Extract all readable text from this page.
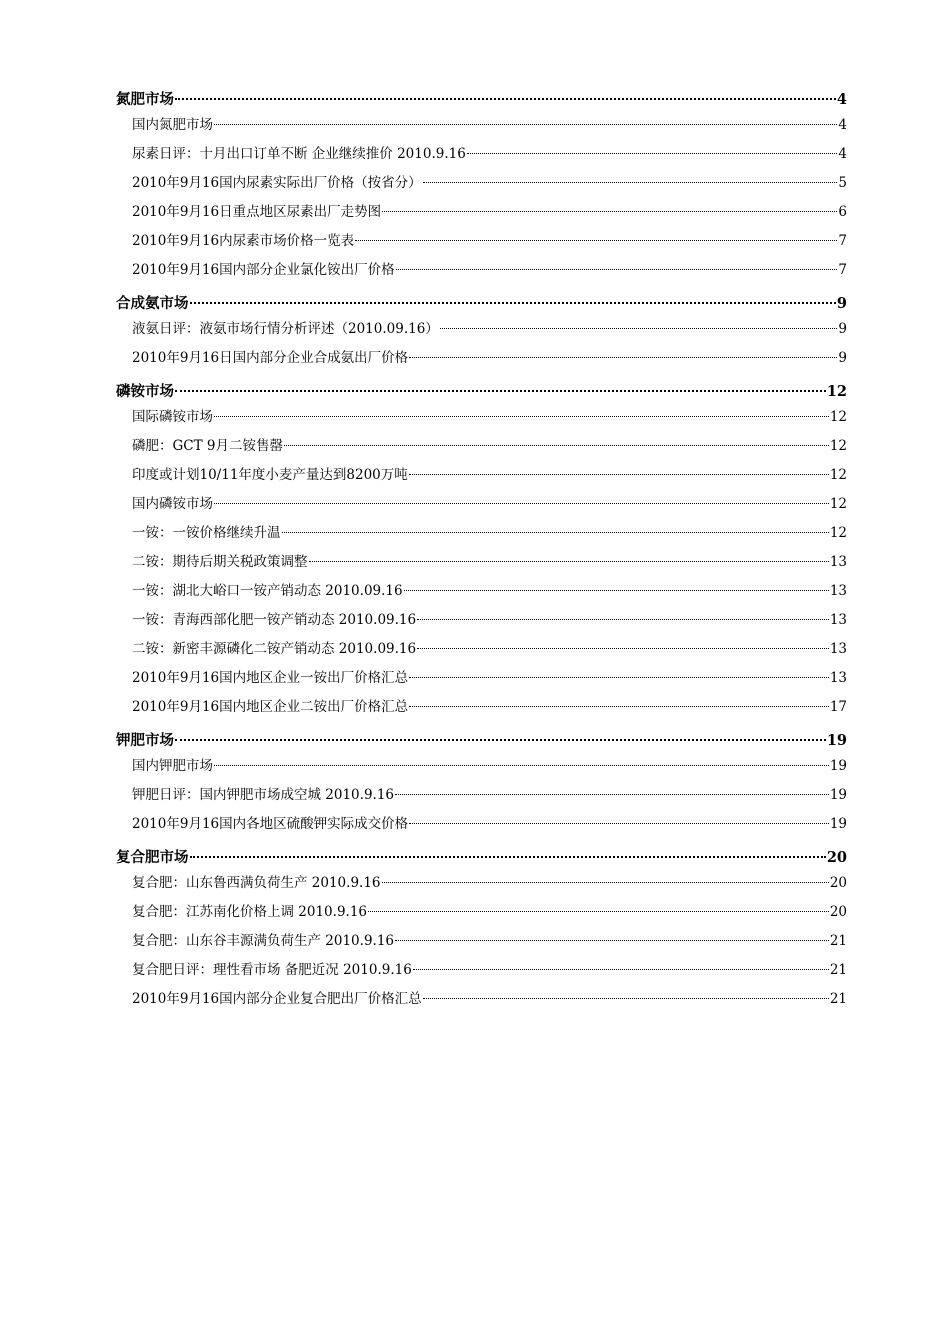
氮肥市场	4
国内氮肥市场	4
尿素日评：十月出口订单不断 企业继续推价 2010.9.16	4
2010年9月16国内尿素实际出厂价格（按省分）	5
2010年9月16日重点地区尿素出厂走势图	6
2010年9月16内尿素市场价格一览表	7
2010年9月16国内部分企业氯化铵出厂价格	7
合成氨市场	9
液氨日评：液氨市场行情分析评述（2010.09.16）	9
2010年9月16日国内部分企业合成氨出厂价格	9
磷铵市场	12
国际磷铵市场	12
磷肥：GCT 9月二铵售罄	12
印度或计划10/11年度小麦产量达到8200万吨	12
国内磷铵市场	12
一铵：一铵价格继续升温	12
二铵：期待后期关税政策调整	13
一铵：湖北大峪口一铵产销动态 2010.09.16	13
一铵：青海西部化肥一铵产销动态 2010.09.16	13
二铵：新密丰源磷化二铵产销动态 2010.09.16	13
2010年9月16国内地区企业一铵出厂价格汇总	13
2010年9月16国内地区企业二铵出厂价格汇总	17
钾肥市场	19
国内钾肥市场	19
钾肥日评：国内钾肥市场成空城 2010.9.16	19
2010年9月16国内各地区硫酸钾实际成交价格	19
复合肥市场	20
复合肥：山东鲁西满负荷生产 2010.9.16	20
复合肥：江苏南化价格上调 2010.9.16	20
复合肥：山东谷丰源满负荷生产 2010.9.16	21
复合肥日评：理性看市场 备肥近况 2010.9.16	21
2010年9月16国内部分企业复合肥出厂价格汇总	21
